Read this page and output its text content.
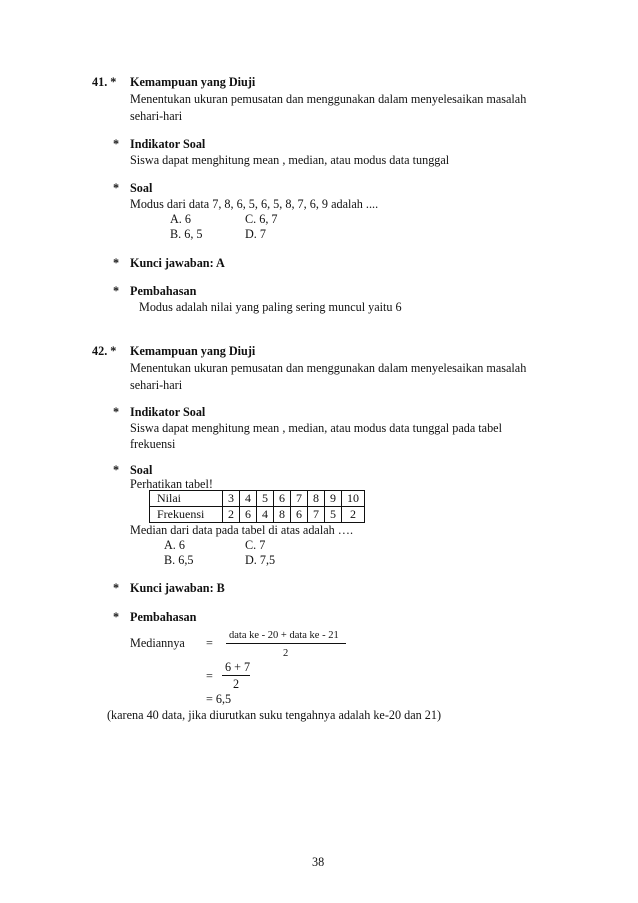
41. * Kemampuan yang Diuji
Menentukan ukuran pemusatan dan menggunakan dalam menyelesaikan masalah
sehari-hari
* Indikator Soal
Siswa dapat menghitung mean , median, atau modus data tunggal
* Soal
Modus dari data 7, 8, 6, 5, 6, 5, 8, 7, 6, 9 adalah ....
A. 6	C. 6, 7
B. 6, 5	D. 7
* Kunci jawaban: A
* Pembahasan
Modus adalah nilai yang paling sering muncul yaitu 6
42. * Kemampuan yang Diuji
Menentukan ukuran pemusatan dan menggunakan dalam menyelesaikan masalah
sehari-hari
* Indikator Soal
Siswa dapat menghitung mean , median, atau modus data tunggal pada tabel
frekuensi
* Soal
Perhatikan tabel!
Nilai	3	4	5	6	7	8	9	10
Frekuensi	2	6	4	8	6	7	5	2
Median dari data pada tabel di atas adalah ….
A. 6	C. 7
B. 6,5	D. 7,5
* Kunci jawaban: B
* Pembahasan
Mediannya =
data ke - 20 + data ke - 21
2
=
6 + 7
2
= 6,5
(karena 40 data, jika diurutkan suku tengahnya adalah ke-20 dan 21)
38
